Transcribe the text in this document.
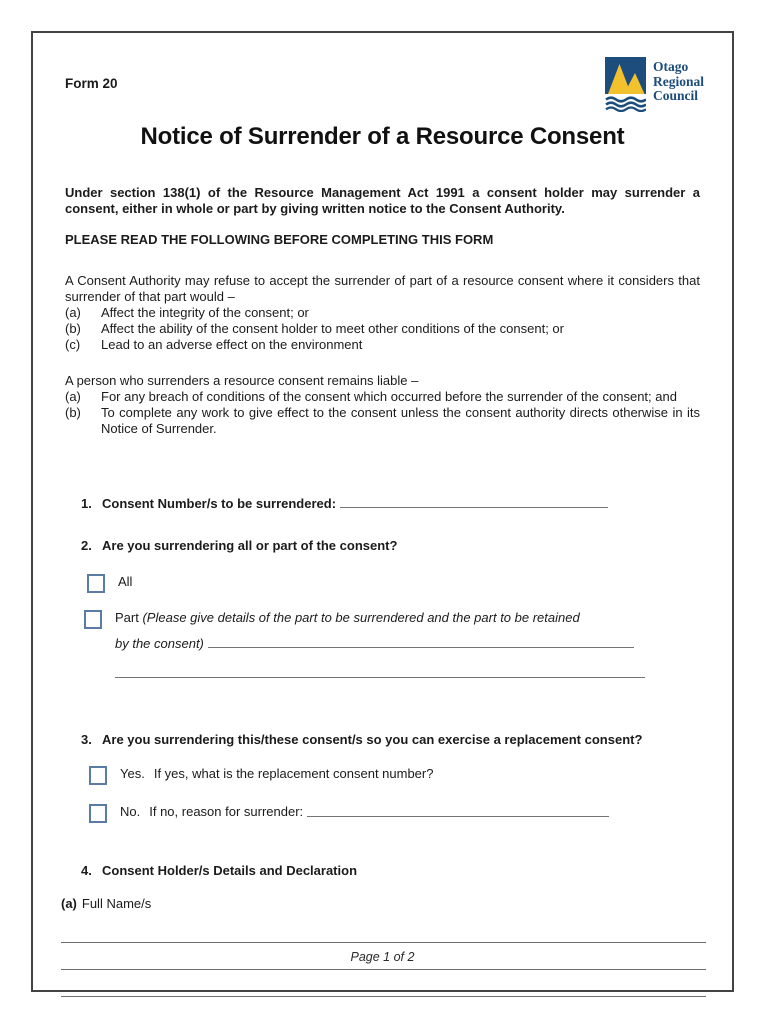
Form 20
Otago
Regional
Council
Notice of Surrender of a Resource Consent

Under section 138(1) of the Resource Management Act 1991 a consent holder may surrender a consent, either in whole or part by giving written notice to the Consent Authority.

PLEASE READ THE FOLLOWING BEFORE COMPLETING THIS FORM

A Consent Authority may refuse to accept the surrender of part of a resource consent where it considers that surrender of that part would –

(a)	Affect the integrity of the consent; or
(b)	Affect the ability of the consent holder to meet other conditions of the consent; or
(c)	Lead to an adverse effect on the environment

A person who surrenders a resource consent remains liable –

(a)	For any breach of conditions of the consent which occurred before the surrender of the consent; and
(b)	To complete any work to give effect to the consent unless the consent authority directs otherwise in its Notice of Surrender.
1. Consent Number/s to be surrendered:
2. Are you surrendering all or part of the consent?
All
Part (Please give details of the part to be surrendered and the part to be retained
by the consent)
3. Are you surrendering this/these consent/s so you can exercise a replacement consent?
Yes. If yes, what is the replacement consent number?
No. If no, reason for surrender:

4. Consent Holder/s Details and Declaration
(a) Full Name/s
Page 1 of 2
